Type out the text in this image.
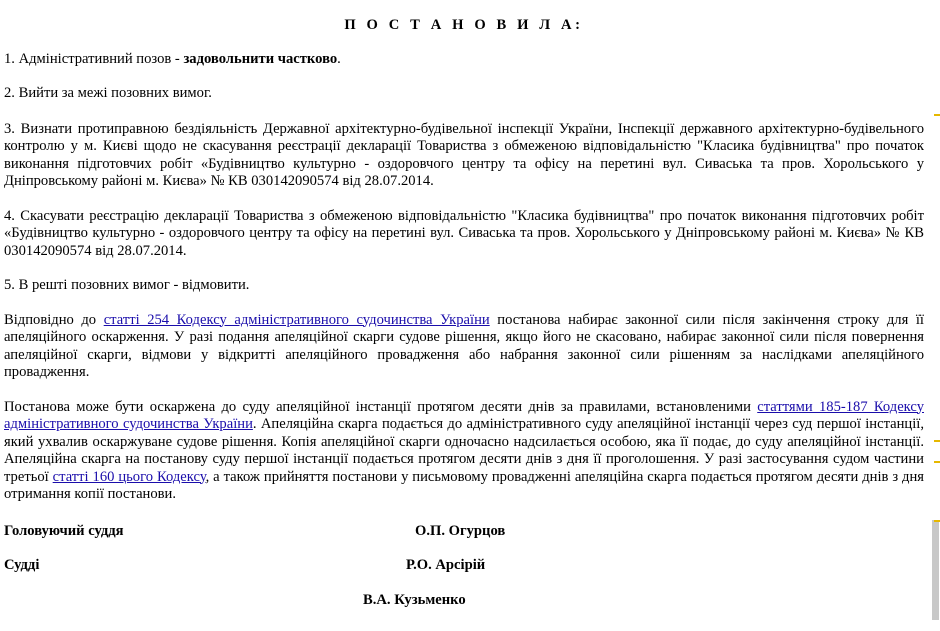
П О С Т А Н О В И Л А:

1. Адміністративний позов - задовольнити частково.

2. Вийти за межі позовних вимог.

3. Визнати протиправною бездіяльність Державної архітектурно-будівельної інспекції України, Інспекції державного архітектурно-будівельного контролю у м. Києві щодо не скасування реєстрації декларації Товариства з обмеженою відповідальністю "Класика будівництва" про початок виконання підготовчих робіт «Будівництво культурно - оздоровчого центру та офісу на перетині вул. Сиваська та пров. Хорольського у Дніпровському районі м. Києва» № КВ 030142090574 від 28.07.2014.

4. Скасувати реєстрацію декларації Товариства з обмеженою відповідальністю "Класика будівництва" про початок виконання підготовчих робіт «Будівництво культурно - оздоровчого центру та офісу на перетині вул. Сиваська та пров. Хорольського у Дніпровському районі м. Києва» № КВ 030142090574 від 28.07.2014.

5. В решті позовних вимог - відмовити.

Відповідно до статті 254 Кодексу адміністративного судочинства України постанова набирає законної сили після закінчення строку для її апеляційного оскарження. У разі подання апеляційної скарги судове рішення, якщо його не скасовано, набирає законної сили після повернення апеляційної скарги, відмови у відкритті апеляційного провадження або набрання законної сили рішенням за наслідками апеляційного провадження.

Постанова може бути оскаржена до суду апеляційної інстанції протягом десяти днів за правилами, встановленими статтями 185-187 Кодексу адміністративного судочинства України. Апеляційна скарга подається до адміністративного суду апеляційної інстанції через суд першої інстанції, який ухвалив оскаржуване судове рішення. Копія апеляційної скарги одночасно надсилається особою, яка її подає, до суду апеляційної інстанції. Апеляційна скарга на постанову суду першої інстанції подається протягом десяти днів з дня її проголошення. У разі застосування судом частини третьої статті 160 цього Кодексу, а також прийняття постанови у письмовому провадженні апеляційна скарга подається протягом десяти днів з дня отримання копії постанови.

Головуючий суддя	О.П. Огурцов
Судді	Р.О. Арсірій
В.А. Кузьменко
